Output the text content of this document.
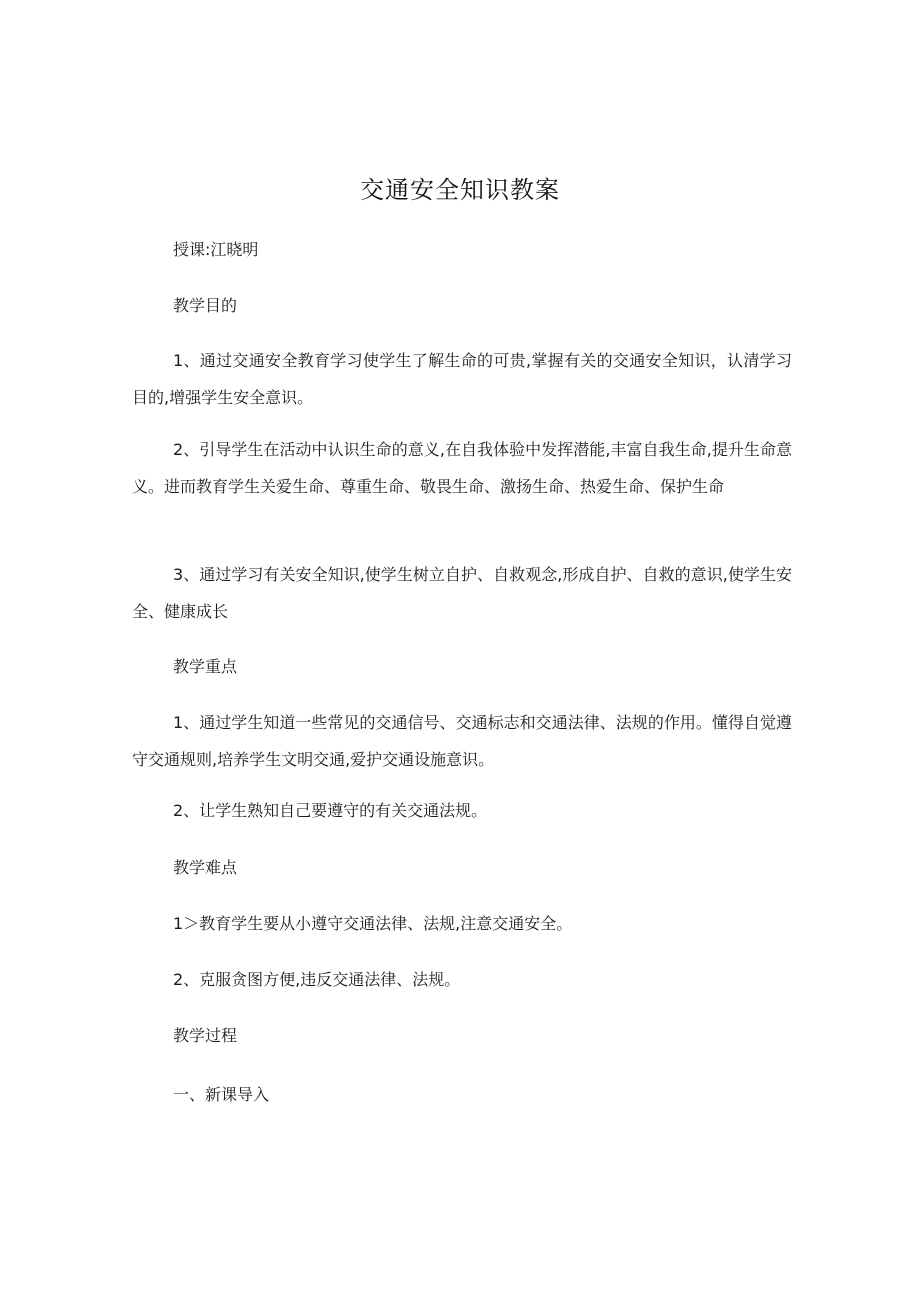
交通安全知识教案
授课:江晓明
教学目的
1、通过交通安全教育学习使学生了解生命的可贵,掌握有关的交通安全知识，认清学习目的,增强学生安全意识。
2、引导学生在活动中认识生命的意义,在自我体验中发挥潜能,丰富自我生命,提升生命意义。进而教育学生关爱生命、尊重生命、敬畏生命、激扬生命、热爱生命、保护生命
3、通过学习有关安全知识,使学生树立自护、自救观念,形成自护、自救的意识,使学生安全、健康成长
教学重点
1、通过学生知道一些常见的交通信号、交通标志和交通法律、法规的作用。懂得自觉遵守交通规则,培养学生文明交通,爱护交通设施意识。
2、让学生熟知自己要遵守的有关交通法规。
教学难点
1＞教育学生要从小遵守交通法律、法规,注意交通安全。
2、克服贪图方便,违反交通法律、法规。
教学过程
一、新课导入
